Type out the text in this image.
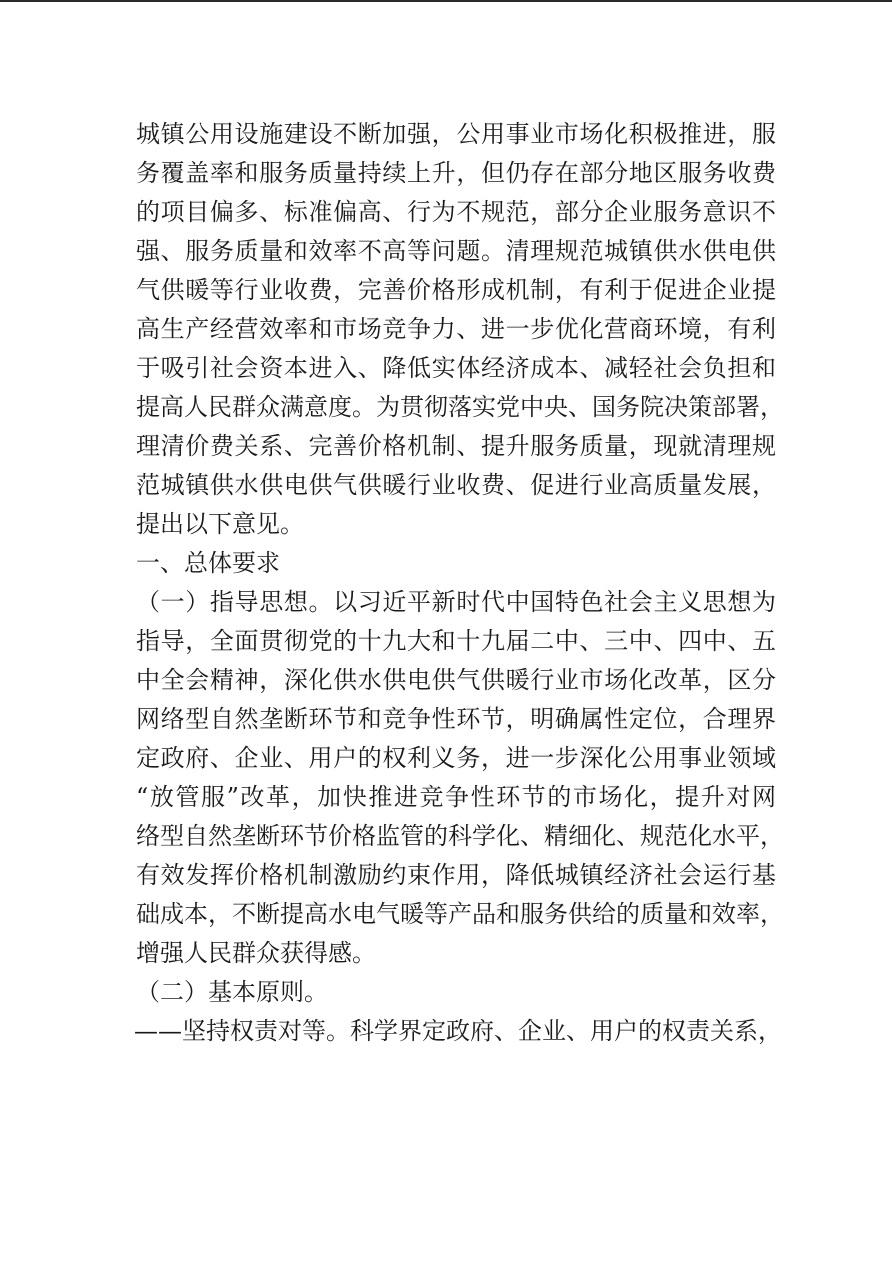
城镇公用设施建设不断加强，公用事业市场化积极推进，服
务覆盖率和服务质量持续上升，但仍存在部分地区服务收费
的项目偏多、标准偏高、行为不规范，部分企业服务意识不
强、服务质量和效率不高等问题。清理规范城镇供水供电供
气供暖等行业收费，完善价格形成机制，有利于促进企业提
高生产经营效率和市场竞争力、进一步优化营商环境，有利
于吸引社会资本进入、降低实体经济成本、减轻社会负担和
提高人民群众满意度。为贯彻落实党中央、国务院决策部署，
理清价费关系、完善价格机制、提升服务质量，现就清理规
范城镇供水供电供气供暖行业收费、促进行业高质量发展，
提出以下意见。
一、总体要求
（一）指导思想。以习近平新时代中国特色社会主义思想为
指导，全面贯彻党的十九大和十九届二中、三中、四中、五
中全会精神，深化供水供电供气供暖行业市场化改革，区分
网络型自然垄断环节和竞争性环节，明确属性定位，合理界
定政府、企业、用户的权利义务，进一步深化公用事业领域
“放管服”改革，加快推进竞争性环节的市场化，提升对网
络型自然垄断环节价格监管的科学化、精细化、规范化水平，
有效发挥价格机制激励约束作用，降低城镇经济社会运行基
础成本，不断提高水电气暖等产品和服务供给的质量和效率，
增强人民群众获得感。
（二）基本原则。
——坚持权责对等。科学界定政府、企业、用户的权责关系，
